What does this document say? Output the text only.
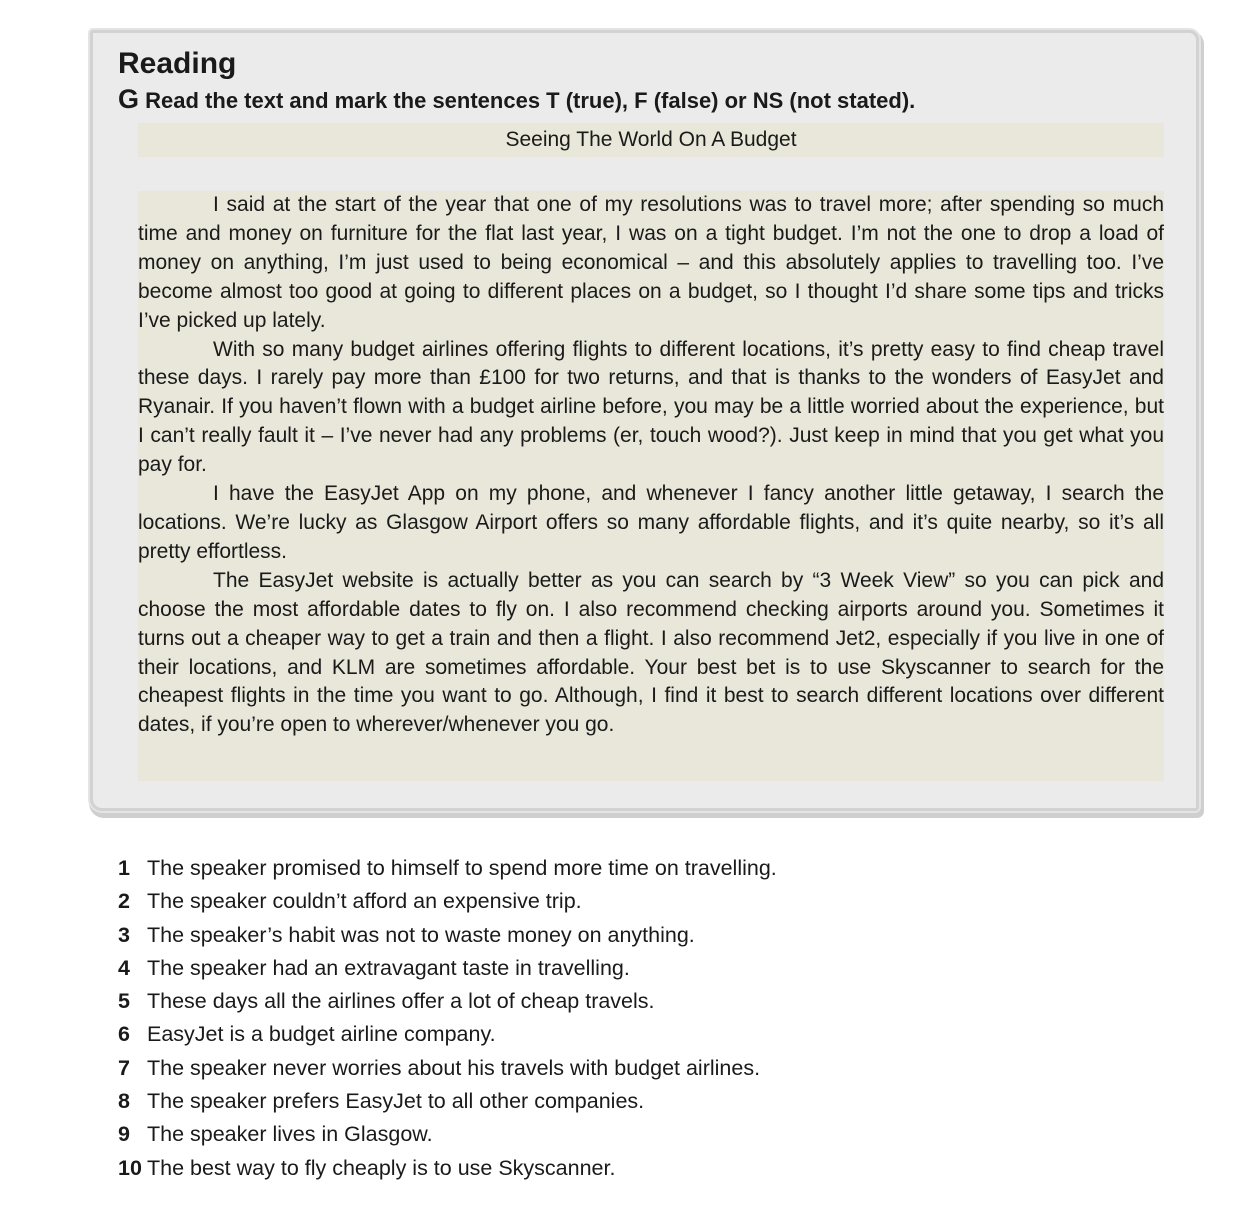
Reading

G Read the text and mark the sentences T (true), F (false) or NS (not stated).

Seeing The World On A Budget

I said at the start of the year that one of my resolutions was to travel more; after spending so much time and money on furniture for the flat last year, I was on a tight budget. I’m not the one to drop a load of money on anything, I’m just used to being economical – and this absolutely applies to travelling too. I’ve become almost too good at going to different places on a budget, so I thought I’d share some tips and tricks I’ve picked up lately.

With so many budget airlines offering flights to different locations, it’s pretty easy to find cheap travel these days. I rarely pay more than £100 for two returns, and that is thanks to the wonders of EasyJet and Ryanair. If you haven’t flown with a budget airline before, you may be a little worried about the experience, but I can’t really fault it – I’ve never had any problems (er, touch wood?). Just keep in mind that you get what you pay for.

I have the EasyJet App on my phone, and whenever I fancy another little getaway, I search the locations. We’re lucky as Glasgow Airport offers so many affordable flights, and it’s quite nearby, so it’s all pretty effortless.

The EasyJet website is actually better as you can search by “3 Week View” so you can pick and choose the most affordable dates to fly on. I also recommend checking airports around you. Sometimes it turns out a cheaper way to get a train and then a flight. I also recommend Jet2, especially if you live in one of their locations, and KLM are sometimes affordable. Your best bet is to use Skyscanner to search for the cheapest flights in the time you want to go. Although, I find it best to search different locations over different dates, if you’re open to wherever/whenever you go.

1 The speaker promised to himself to spend more time on travelling.
2 The speaker couldn’t afford an expensive trip.
3 The speaker’s habit was not to waste money on anything.
4 The speaker had an extravagant taste in travelling.
5 These days all the airlines offer a lot of cheap travels.
6 EasyJet is a budget airline company.
7 The speaker never worries about his travels with budget airlines.
8 The speaker prefers EasyJet to all other companies.
9 The speaker lives in Glasgow.
10 The best way to fly cheaply is to use Skyscanner.
